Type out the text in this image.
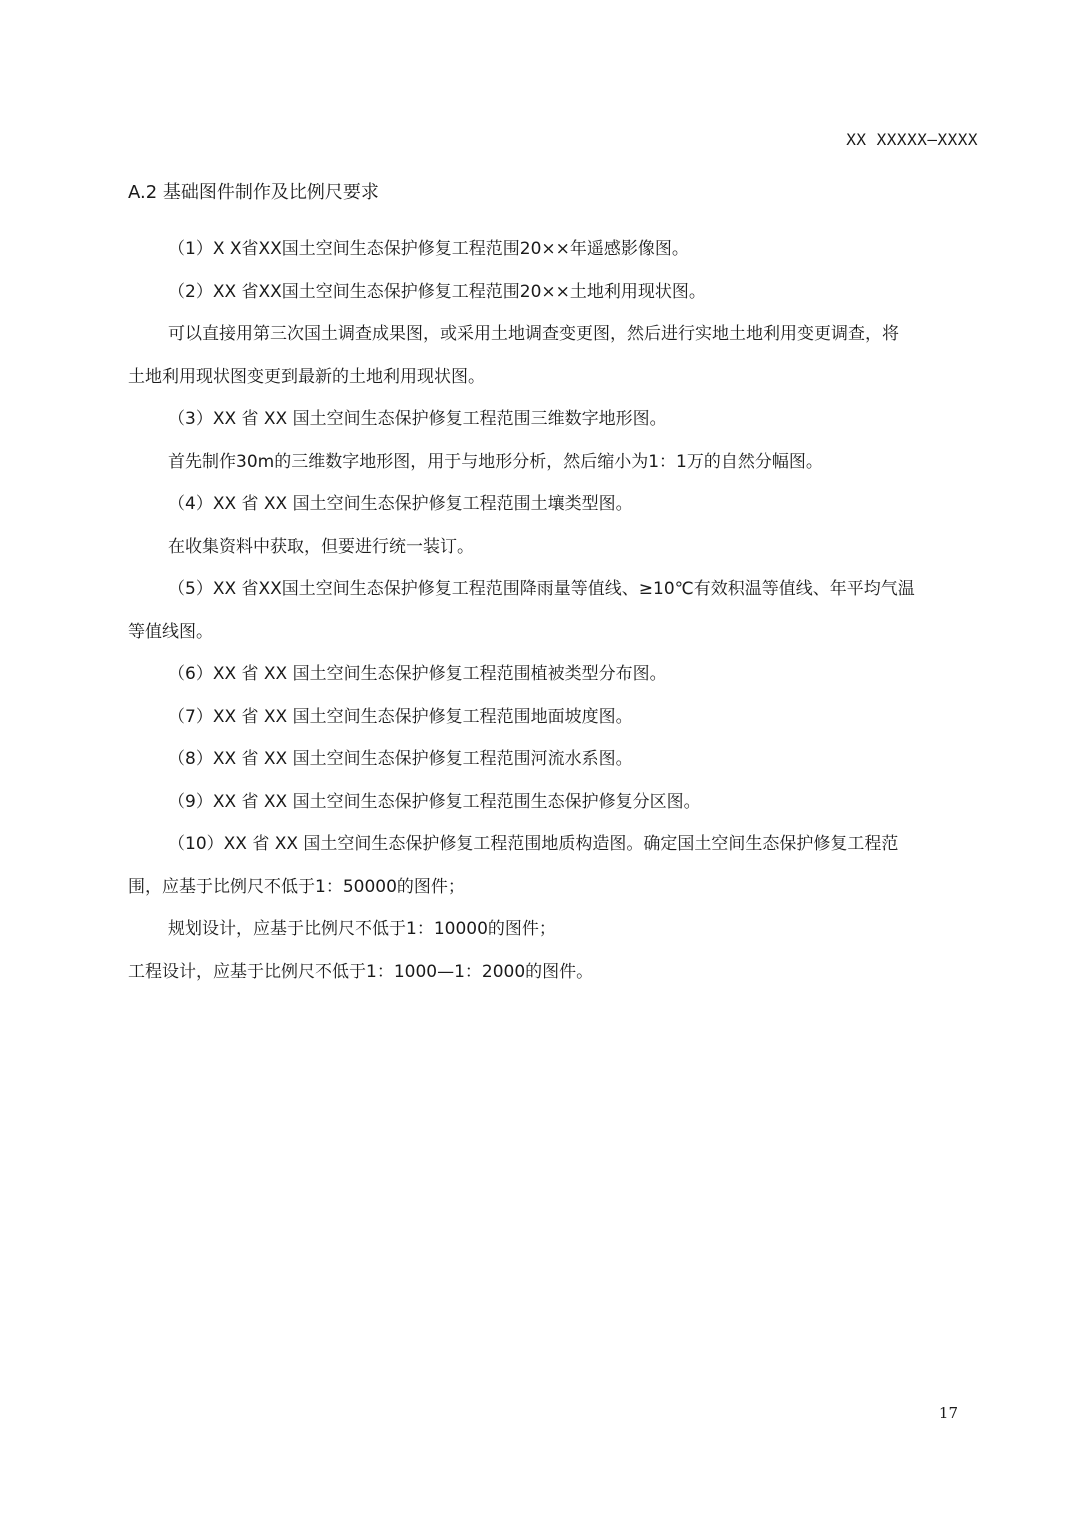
XX XXXXX—XXXX
A.2 基础图件制作及比例尺要求

（1）X X省XX国土空间生态保护修复工程范围20××年遥感影像图。

（2）XX 省XX国土空间生态保护修复工程范围20××土地利用现状图。

可以直接用第三次国土调查成果图，或采用土地调查变更图，然后进行实地土地利用变更调查，将

土地利用现状图变更到最新的土地利用现状图。

（3）XX 省 XX 国土空间生态保护修复工程范围三维数字地形图。

首先制作30m的三维数字地形图，用于与地形分析，然后缩小为1：1万的自然分幅图。

（4）XX 省 XX 国土空间生态保护修复工程范围土壤类型图。

在收集资料中获取，但要进行统一装订。

（5）XX 省XX国土空间生态保护修复工程范围降雨量等值线、≥10℃有效积温等值线、年平均气温

等值线图。

（6）XX 省 XX 国土空间生态保护修复工程范围植被类型分布图。

（7）XX 省 XX 国土空间生态保护修复工程范围地面坡度图。

（8）XX 省 XX 国土空间生态保护修复工程范围河流水系图。

（9）XX 省 XX 国土空间生态保护修复工程范围生态保护修复分区图。

（10）XX 省 XX 国土空间生态保护修复工程范围地质构造图。确定国土空间生态保护修复工程范

围，应基于比例尺不低于1：50000的图件；

规划设计，应基于比例尺不低于1：10000的图件；

工程设计，应基于比例尺不低于1：1000—1：2000的图件。

17
